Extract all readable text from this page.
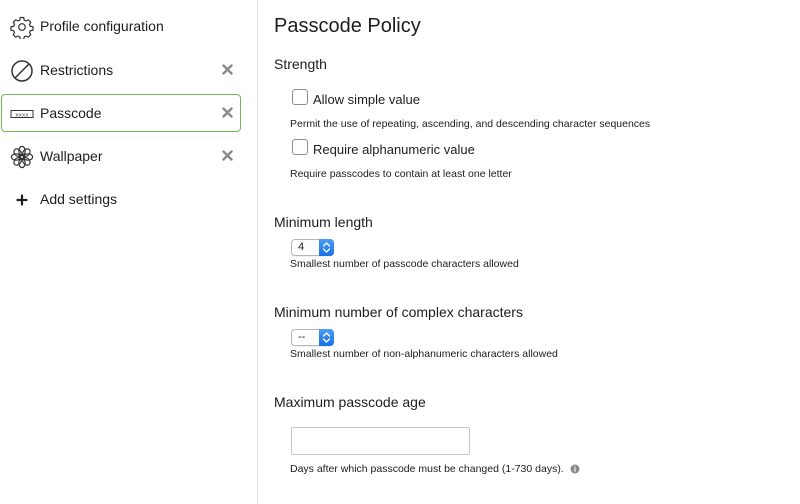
Profile configuration
Restrictions
xxxx Passcode
Wallpaper
Add settings
Passcode Policy
Strength
Allow simple value
Permit the use of repeating, ascending, and descending character sequences
Require alphanumeric value
Require passcodes to contain at least one letter
Minimum length
4
Smallest number of passcode characters allowed
Minimum number of complex characters
--
Smallest number of non-alphanumeric characters allowed
Maximum passcode age
Days after which passcode must be changed (1-730 days).
